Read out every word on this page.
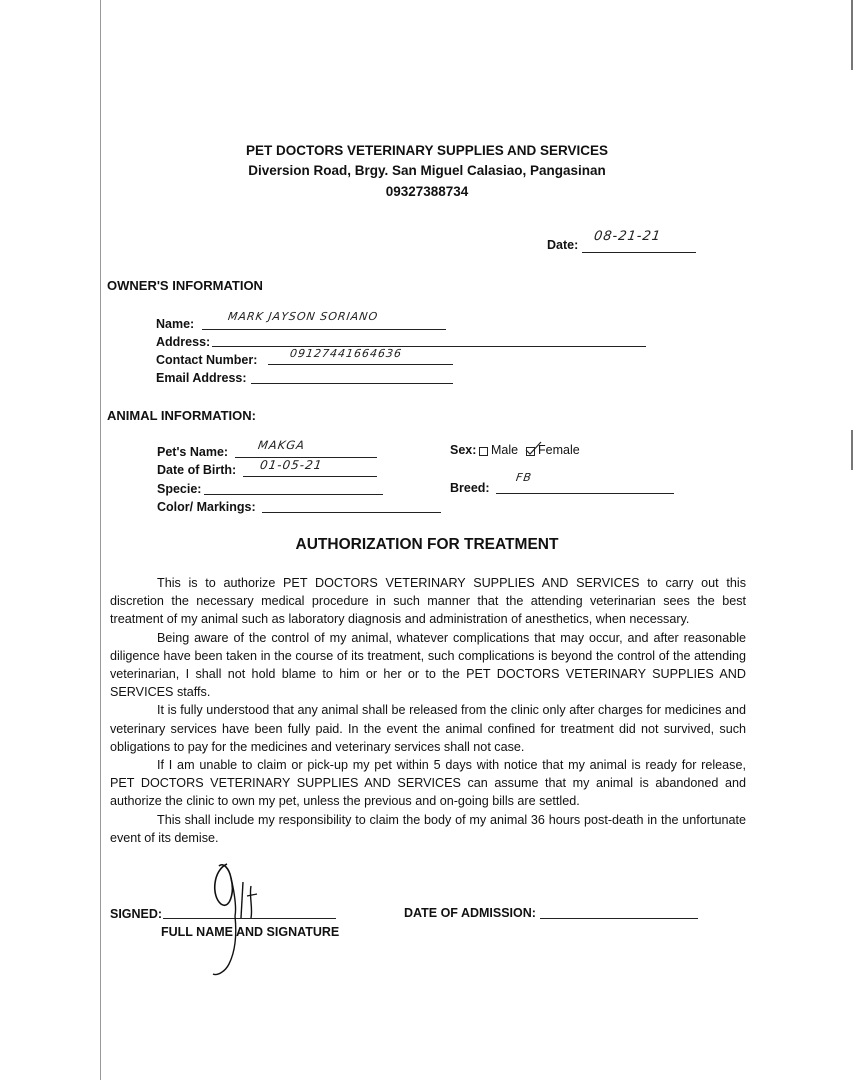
PET DOCTORS VETERINARY SUPPLIES AND SERVICES
Diversion Road, Brgy. San Miguel Calasiao, Pangasinan
09327388734
Date:
08-21-21
OWNER'S INFORMATION
Name:
MARK JAYSON SORIANO
Address:
Contact Number:	09127441664636
Email Address:
ANIMAL INFORMATION:
Pet's Name:	MAKGA
Date of Birth: 01-05-21
Specie:
Color/ Markings:
Sex: Male Female
Breed:
FB
AUTHORIZATION FOR TREATMENT

This is to authorize PET DOCTORS VETERINARY SUPPLIES AND SERVICES to carry out this discretion the necessary medical procedure in such manner that the attending veterinarian sees the best treatment of my animal such as laboratory diagnosis and administration of anesthetics, when necessary.

Being aware of the control of my animal, whatever complications that may occur, and after reasonable diligence have been taken in the course of its treatment, such complications is beyond the control of the attending veterinarian, I shall not hold blame to him or her or to the PET DOCTORS VETERINARY SUPPLIES AND SERVICES staffs.

It is fully understood that any animal shall be released from the clinic only after charges for medicines and veterinary services have been fully paid. In the event the animal confined for treatment did not survived, such obligations to pay for the medicines and veterinary services shall not case.

If I am unable to claim or pick-up my pet within 5 days with notice that my animal is ready for release, PET DOCTORS VETERINARY SUPPLIES AND SERVICES can assume that my animal is abandoned and authorize the clinic to own my pet, unless the previous and on-going bills are settled.

This shall include my responsibility to claim the body of my animal 36 hours post-death in the unfortunate event of its demise.

SIGNED:
FULL NAME AND SIGNATURE
DATE OF ADMISSION:
